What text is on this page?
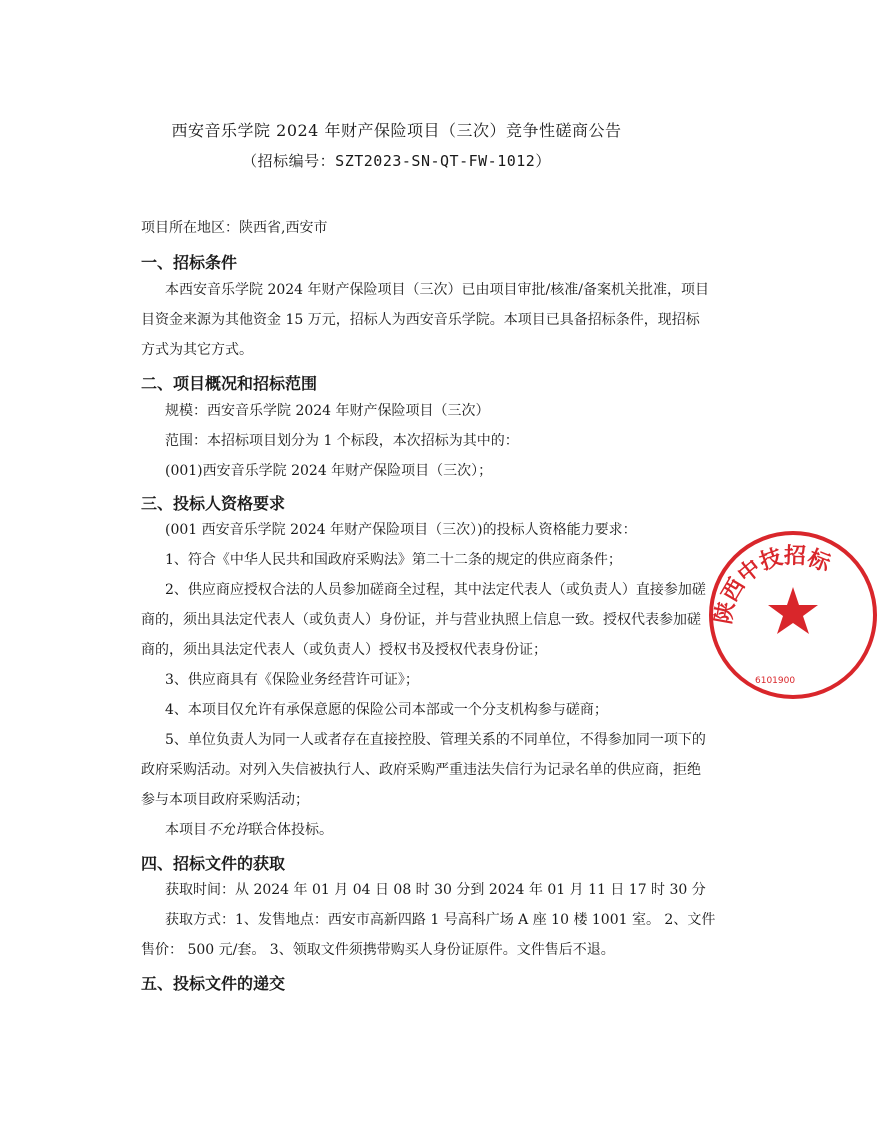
西安音乐学院 2024 年财产保险项目（三次）竞争性磋商公告
（招标编号：SZT2023-SN-QT-FW-1012）
项目所在地区：陕西省,西安市
一、招标条件
本西安音乐学院 2024 年财产保险项目（三次）已由项目审批/核准/备案机关批准，项目
目资金来源为其他资金 15 万元，招标人为西安音乐学院。本项目已具备招标条件，现招标
方式为其它方式。
二、项目概况和招标范围
规模：西安音乐学院 2024 年财产保险项目（三次）
范围：本招标项目划分为 1 个标段，本次招标为其中的：
(001)西安音乐学院 2024 年财产保险项目（三次）；
三、投标人资格要求
(001 西安音乐学院 2024 年财产保险项目（三次）)的投标人资格能力要求：
1、符合《中华人民共和国政府采购法》第二十二条的规定的供应商条件；
2、供应商应授权合法的人员参加磋商全过程，其中法定代表人（或负责人）直接参加磋
商的，须出具法定代表人（或负责人）身份证，并与营业执照上信息一致。授权代表参加磋
商的，须出具法定代表人（或负责人）授权书及授权代表身份证；
3、供应商具有《保险业务经营许可证》；
4、本项目仅允许有承保意愿的保险公司本部或一个分支机构参与磋商；
5、单位负责人为同一人或者存在直接控股、管理关系的不同单位，不得参加同一项下的
政府采购活动。对列入失信被执行人、政府采购严重违法失信行为记录名单的供应商，拒绝
参与本项目政府采购活动；
本项目不允许联合体投标。
四、招标文件的获取
获取时间：从 2024 年 01 月 04 日 08 时 30 分到 2024 年 01 月 11 日 17 时 30 分
获取方式：1、发售地点：西安市高新四路 1 号高科广场 A 座 10 楼 1001 室。 2、文件
售价： 500 元/套。 3、领取文件须携带购买人身份证原件。文件售后不退。
五、投标文件的递交
陕西中技招标
6101900
